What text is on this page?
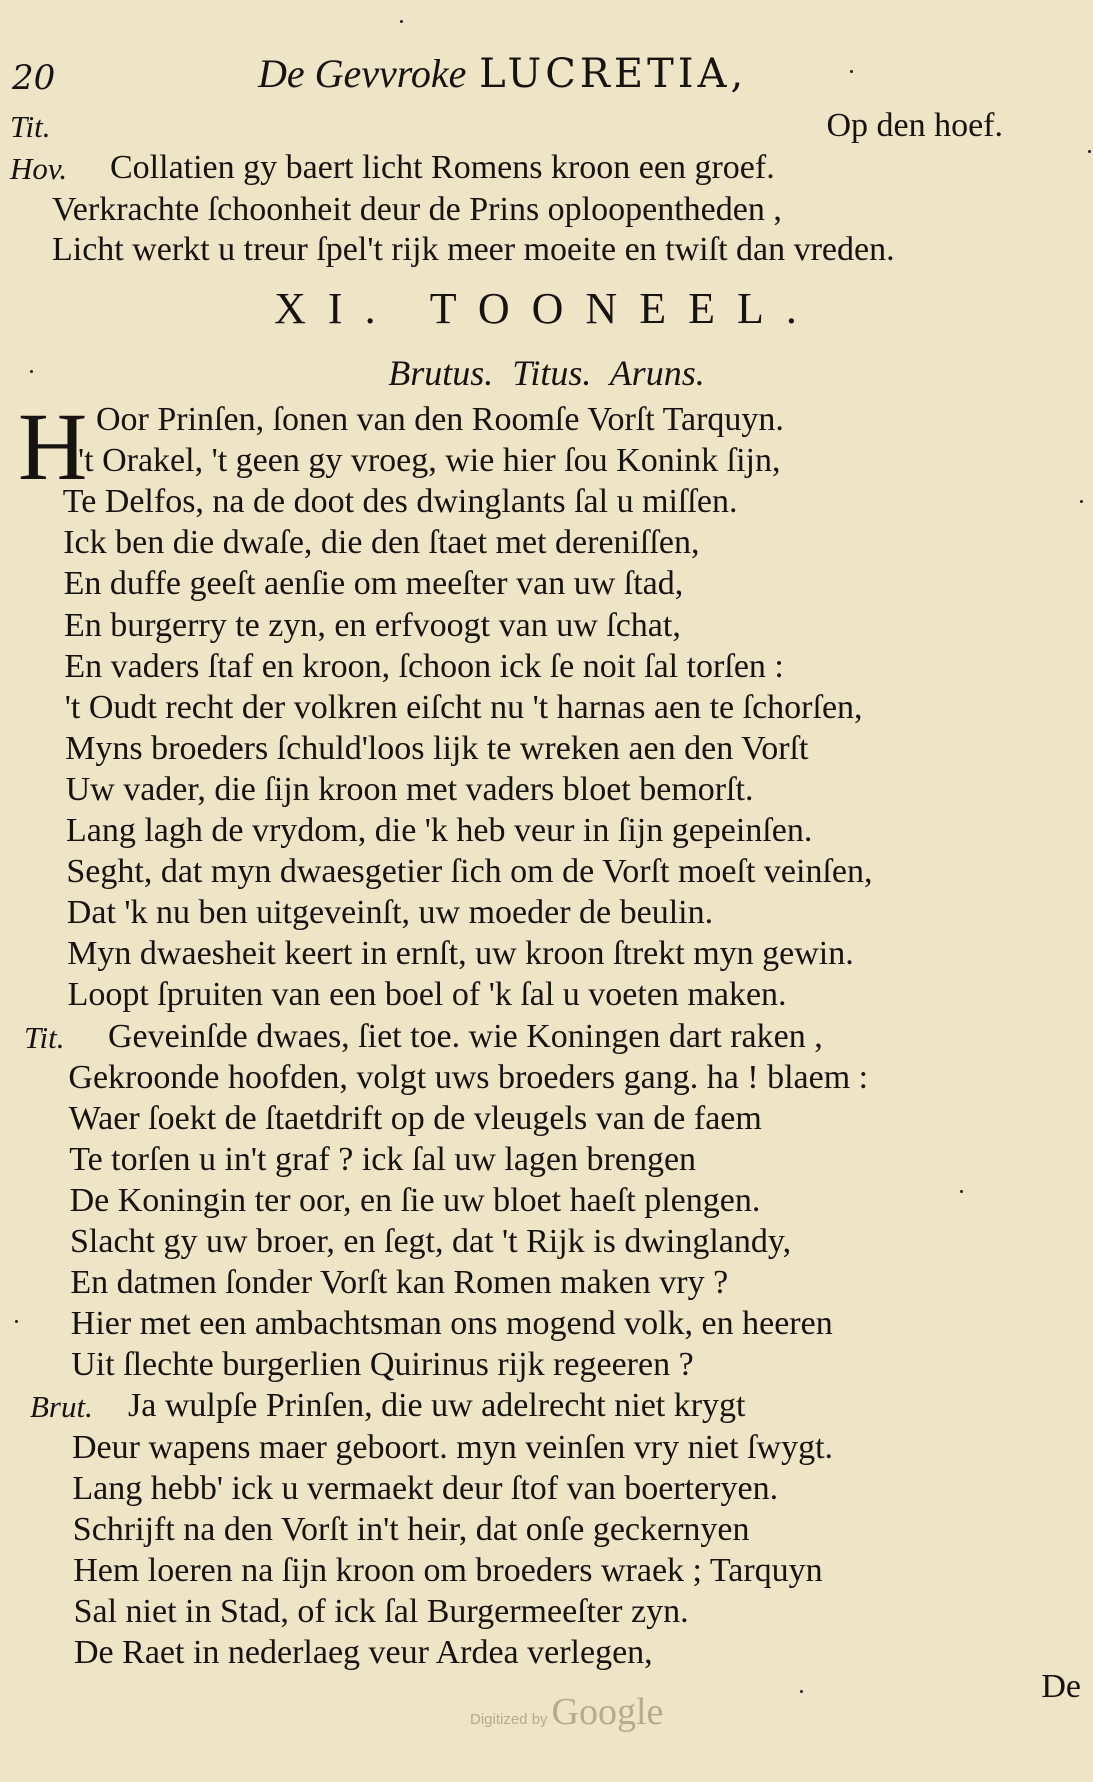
20	De Gevvroke LUCRETIA,
Tit.	Op den hoef.
Hov. Collatien gy baert licht Romens kroon een groef.
Verkrachte ſchoonheit deur de Prins oploopentheden ,
Licht werkt u treur ſpel't rijk meer moeite en twiſt dan vreden.
XI. TOONEEL.
Brutus. Titus. Aruns.
H Oor Prinſen, ſonen van den Roomſe Vorſt Tarquyn.
't Orakel, 't geen gy vroeg, wie hier ſou Konink ſijn,
Te Delfos, na de doot des dwinglants ſal u miſſen.
Ick ben die dwaſe, die den ſtaet met dereniſſen,
En duffe geeſt aenſie om meeſter van uw ſtad,
En burgerry te zyn, en erfvoogt van uw ſchat,
En vaders ſtaf en kroon, ſchoon ick ſe noit ſal torſen :
't Oudt recht der volkren eiſcht nu 't harnas aen te ſchorſen,
Myns broeders ſchuld'loos lijk te wreken aen den Vorſt
Uw vader, die ſijn kroon met vaders bloet bemorſt.
Lang lagh de vrydom, die 'k heb veur in ſijn gepeinſen.
Seght, dat myn dwaesgetier ſich om de Vorſt moeſt veinſen,
Dat 'k nu ben uitgeveinſt, uw moeder de beulin.
Myn dwaesheit keert in ernſt, uw kroon ſtrekt myn gewin.
Loopt ſpruiten van een boel of 'k ſal u voeten maken.
Tit. Geveinſde dwaes, ſiet toe. wie Koningen dart raken ,
Gekroonde hoofden, volgt uws broeders gang. ha ! blaem :
Waer ſoekt de ſtaetdrift op de vleugels van de faem
Te torſen u in't graf ? ick ſal uw lagen brengen
De Koningin ter oor, en ſie uw bloet haeſt plengen.
Slacht gy uw broer, en ſegt, dat 't Rijk is dwinglandy,
En datmen ſonder Vorſt kan Romen maken vry ?
Hier met een ambachtsman ons mogend volk, en heeren
Uit ſlechte burgerlien Quirinus rijk regeeren ?
Brut. Ja wulpſe Prinſen, die uw adelrecht niet krygt
Deur wapens maer geboort. myn veinſen vry niet ſwygt.
Lang hebb' ick u vermaekt deur ſtof van boerteryen.
Schrijft na den Vorſt in't heir, dat onſe geckernyen
Hem loeren na ſijn kroon om broeders wraek ; Tarquyn
Sal niet in Stad, of ick ſal Burgermeeſter zyn.
De Raet in nederlaeg veur Ardea verlegen,
De
Digitized by Google
